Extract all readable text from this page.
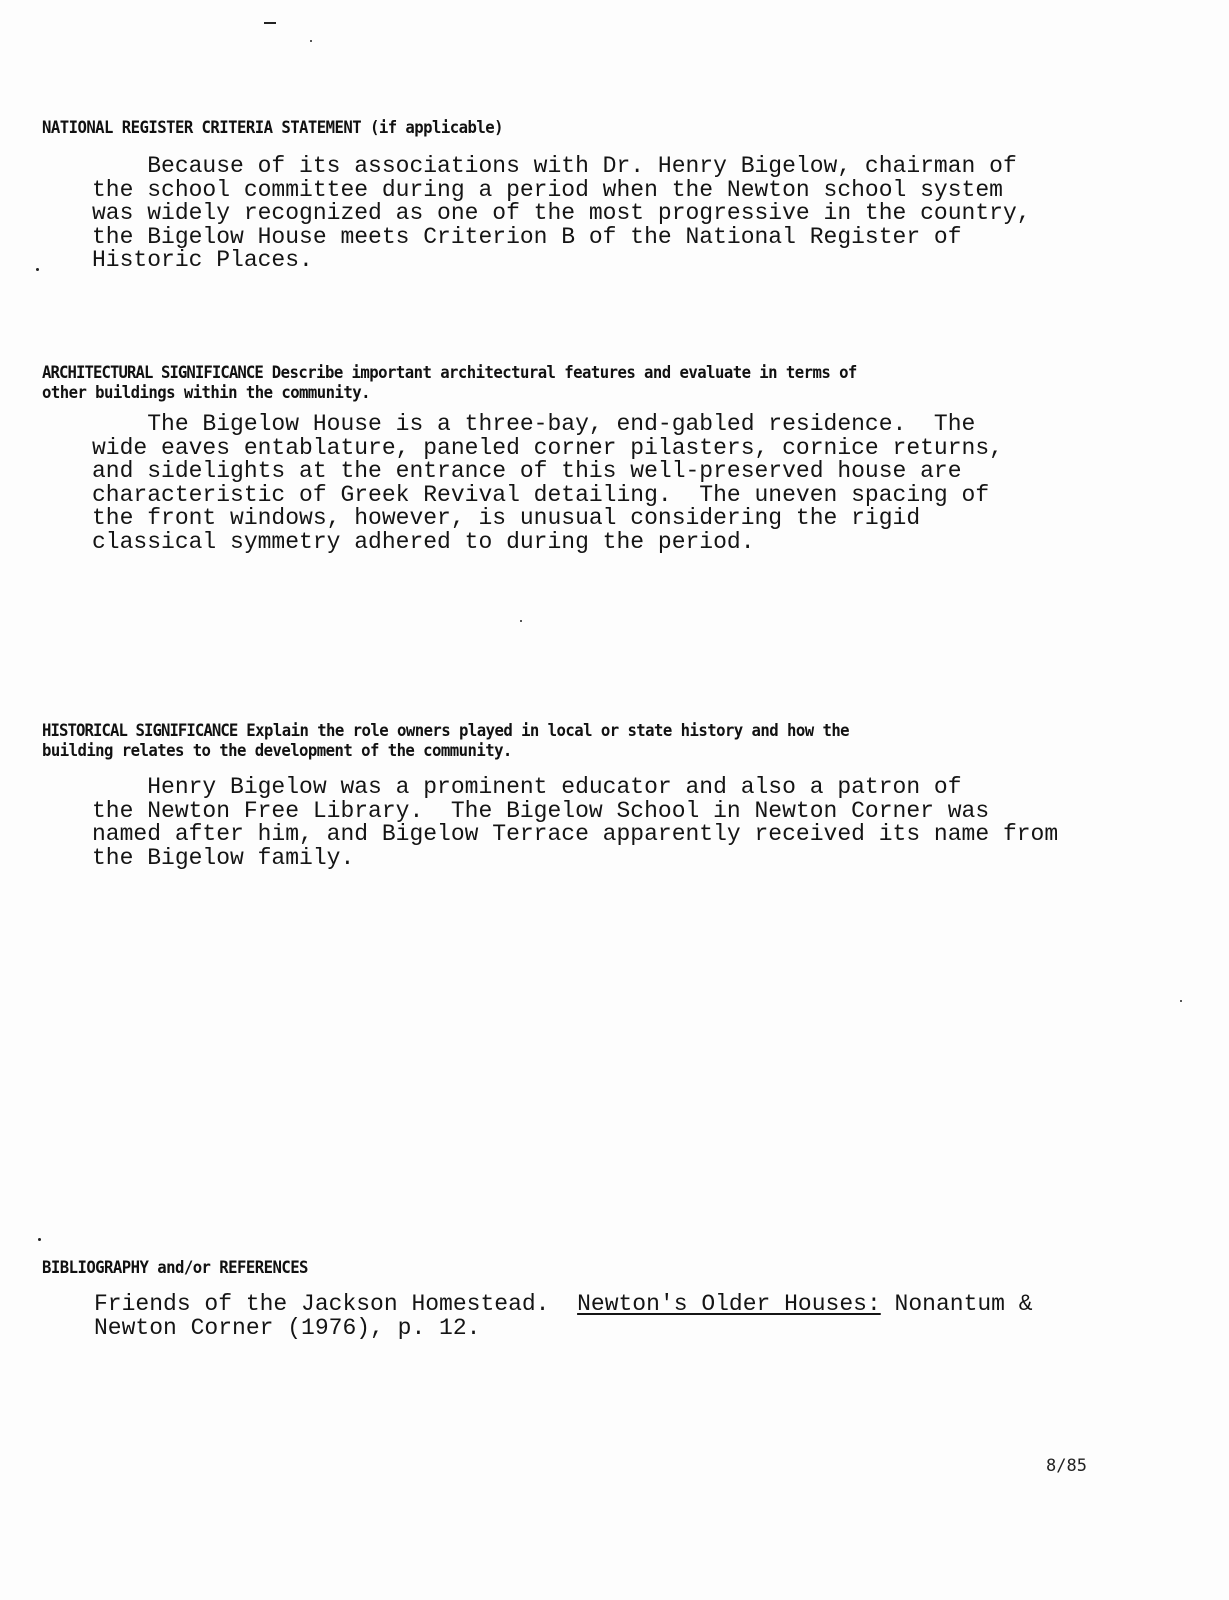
NATIONAL REGISTER CRITERIA STATEMENT (if applicable)
Because of its associations with Dr. Henry Bigelow, chairman of
the school committee during a period when the Newton school system
was widely recognized as one of the most progressive in the country,
the Bigelow House meets Criterion B of the National Register of
Historic Places.
ARCHITECTURAL SIGNIFICANCE Describe important architectural features and evaluate in terms of
other buildings within the community.
The Bigelow House is a three-bay, end-gabled residence.  The
wide eaves entablature, paneled corner pilasters, cornice returns,
and sidelights at the entrance of this well-preserved house are
characteristic of Greek Revival detailing.  The uneven spacing of
the front windows, however, is unusual considering the rigid
classical symmetry adhered to during the period.
HISTORICAL SIGNIFICANCE Explain the role owners played in local or state history and how the
building relates to the development of the community.
Henry Bigelow was a prominent educator and also a patron of
the Newton Free Library.  The Bigelow School in Newton Corner was
named after him, and Bigelow Terrace apparently received its name from
the Bigelow family.
BIBLIOGRAPHY and/or REFERENCES
Friends of the Jackson Homestead.  Newton's Older Houses: Nonantum &
Newton Corner (1976), p. 12.
8/85
